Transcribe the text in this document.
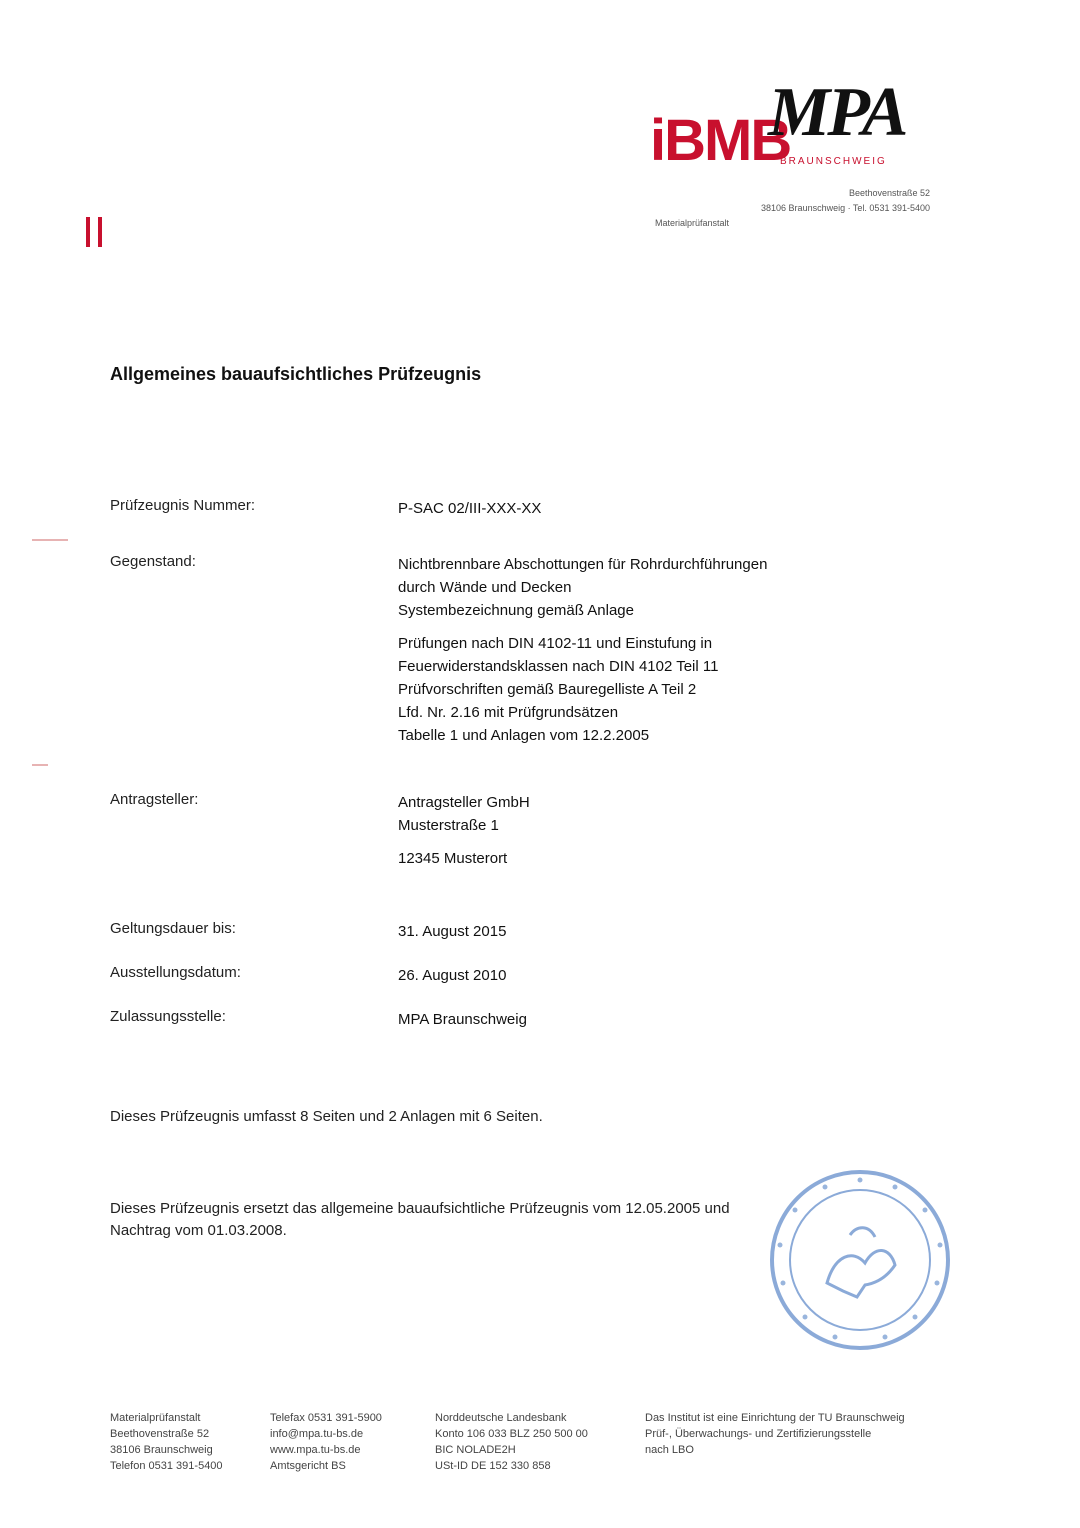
iBMB
MPA
BRAUNSCHWEIG
Beethovenstraße 52
38106 Braunschweig · Tel. 0531 391-5400
Materialprüfanstalt
Allgemeines bauaufsichtliches Prüfzeugnis
Prüfzeugnis Nummer:	P-SAC 02/III-XXX-XX

Gegenstand:	Nichtbrennbare Abschottungen für Rohrdurchführungen

durch Wände und Decken

Systembezeichnung gemäß Anlage

Prüfungen nach DIN 4102-11 und Einstufung in

Feuerwiderstandsklassen nach DIN 4102 Teil 11

Prüfvorschriften gemäß Bauregelliste A Teil 2

Lfd. Nr. 2.16 mit Prüfgrundsätzen

Tabelle 1 und Anlagen vom 12.2.2005

Antragsteller:	Antragsteller GmbH

Musterstraße 1

12345 Musterort

Geltungsdauer bis:	31. August 2015

Ausstellungsdatum:	26. August 2010

Zulassungsstelle:	MPA Braunschweig

Dieses Prüfzeugnis umfasst 8 Seiten und 2 Anlagen mit 6 Seiten.
Dieses Prüfzeugnis ersetzt das allgemeine bauaufsichtliche Prüfzeugnis vom 12.05.2005 und Nachtrag vom 01.03.2008.
Materialprüfanstalt
Beethovenstraße 52
38106 Braunschweig
Telefon 0531 391-5400
Telefax 0531 391-5900
info@mpa.tu-bs.de
www.mpa.tu-bs.de
Amtsgericht BS
Norddeutsche Landesbank
Konto 106 033 BLZ 250 500 00
BIC NOLADE2H
USt-ID DE 152 330 858
Das Institut ist eine Einrichtung der TU Braunschweig
Prüf-, Überwachungs- und Zertifizierungsstelle
nach LBO
